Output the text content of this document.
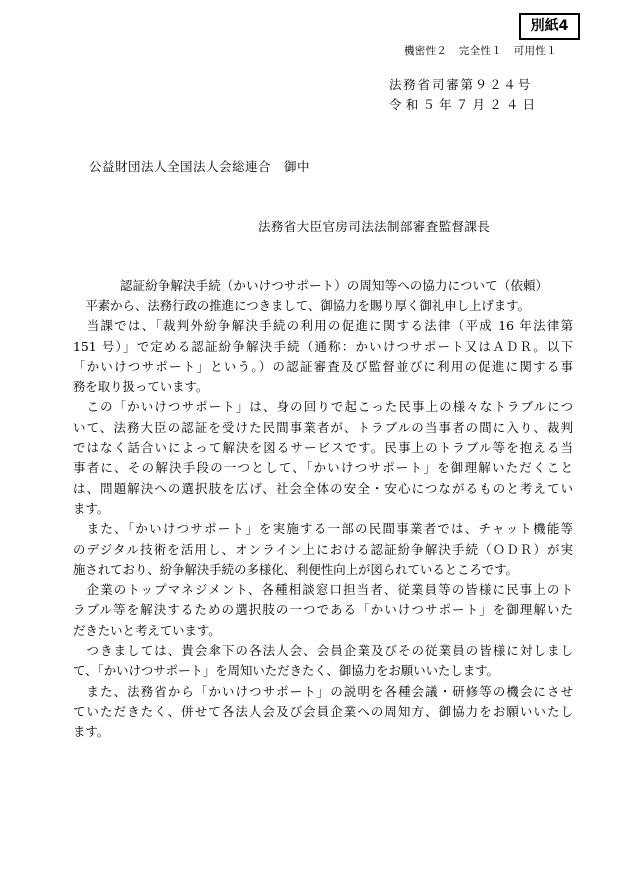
別紙4
機密性２ 完全性１ 可用性１
法務省司審第９２４号
令和５年７月２４日
公益財団法人全国法人会総連合　御中
法務省大臣官房司法法制部審査監督課長
認証紛争解決手続（かいけつサポート）の周知等への協力について（依頼）
　平素から、法務行政の推進につきまして、御協力を賜り厚く御礼申し上げます。
　当課では、「裁判外紛争解決手続の利用の促進に関する法律（平成 16 年法律第
151 号）」で定める認証紛争解決手続（通称：かいけつサポート又はＡＤＲ。以下
「かいけつサポート」という。）の認証審査及び監督並びに利用の促進に関する事
務を取り扱っています。
　この「かいけつサポート」は、身の回りで起こった民事上の様々なトラブルにつ
いて、法務大臣の認証を受けた民間事業者が、トラブルの当事者の間に入り、裁判
ではなく話合いによって解決を図るサービスです。民事上のトラブル等を抱える当
事者に、その解決手段の一つとして、「かいけつサポート」を御理解いただくこと
は、問題解決への選択肢を広げ、社会全体の安全・安心につながるものと考えてい
ます。
　また、「かいけつサポート」を実施する一部の民間事業者では、チャット機能等
のデジタル技術を活用し、オンライン上における認証紛争解決手続（ＯＤＲ）が実
施されており、紛争解決手続の多様化、利便性向上が図られているところです。
　企業のトップマネジメント、各種相談窓口担当者、従業員等の皆様に民事上のト
ラブル等を解決するための選択肢の一つである「かいけつサポート」を御理解いた
だきたいと考えています。
　つきましては、貴会傘下の各法人会、会員企業及びその従業員の皆様に対しまし
て、「かいけつサポート」を周知いただきたく、御協力をお願いいたします。
　また、法務省から「かいけつサポート」の説明を各種会議・研修等の機会にさせ
ていただきたく、併せて各法人会及び会員企業への周知方、御協力をお願いいたし
ます。
